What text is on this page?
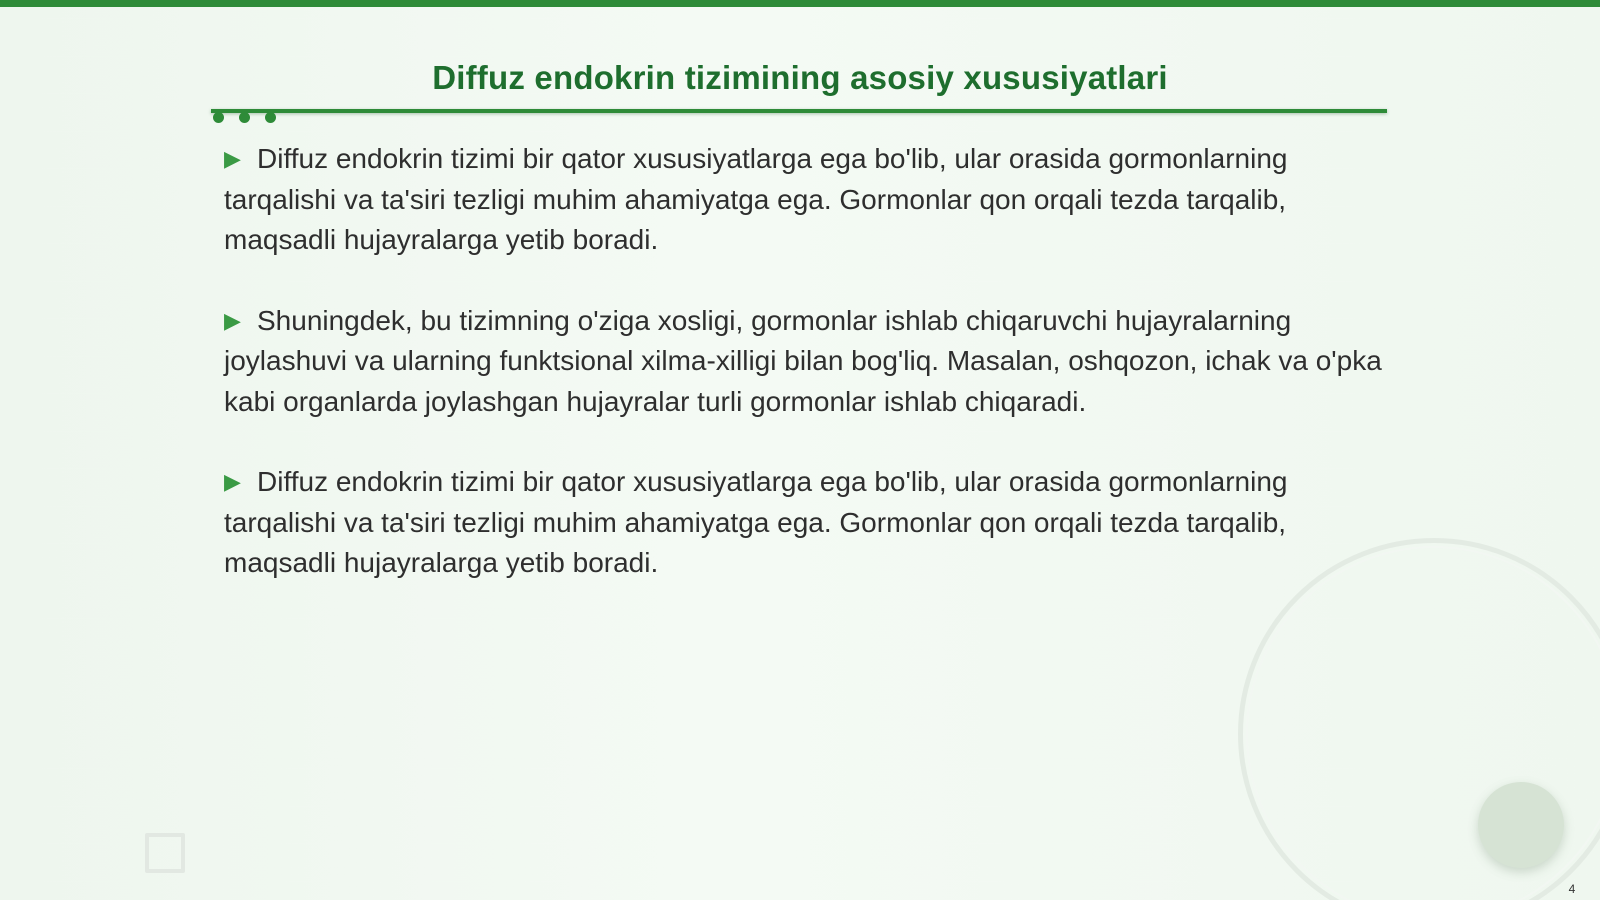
Diffuz endokrin tizimining asosiy xususiyatlari

▶ Diffuz endokrin tizimi bir qator xususiyatlarga ega bo'lib, ular orasida gormonlarning tarqalishi va ta'siri tezligi muhim ahamiyatga ega. Gormonlar qon orqali tezda tarqalib, maqsadli hujayralarga yetib boradi.

▶ Shuningdek, bu tizimning o'ziga xosligi, gormonlar ishlab chiqaruvchi hujayralarning joylashuvi va ularning funktsional xilma-xilligi bilan bog'liq. Masalan, oshqozon, ichak va o'pka kabi organlarda joylashgan hujayralar turli gormonlar ishlab chiqaradi.

▶ Diffuz endokrin tizimi bir qator xususiyatlarga ega bo'lib, ular orasida gormonlarning tarqalishi va ta'siri tezligi muhim ahamiyatga ega. Gormonlar qon orqali tezda tarqalib, maqsadli hujayralarga yetib boradi.

4
